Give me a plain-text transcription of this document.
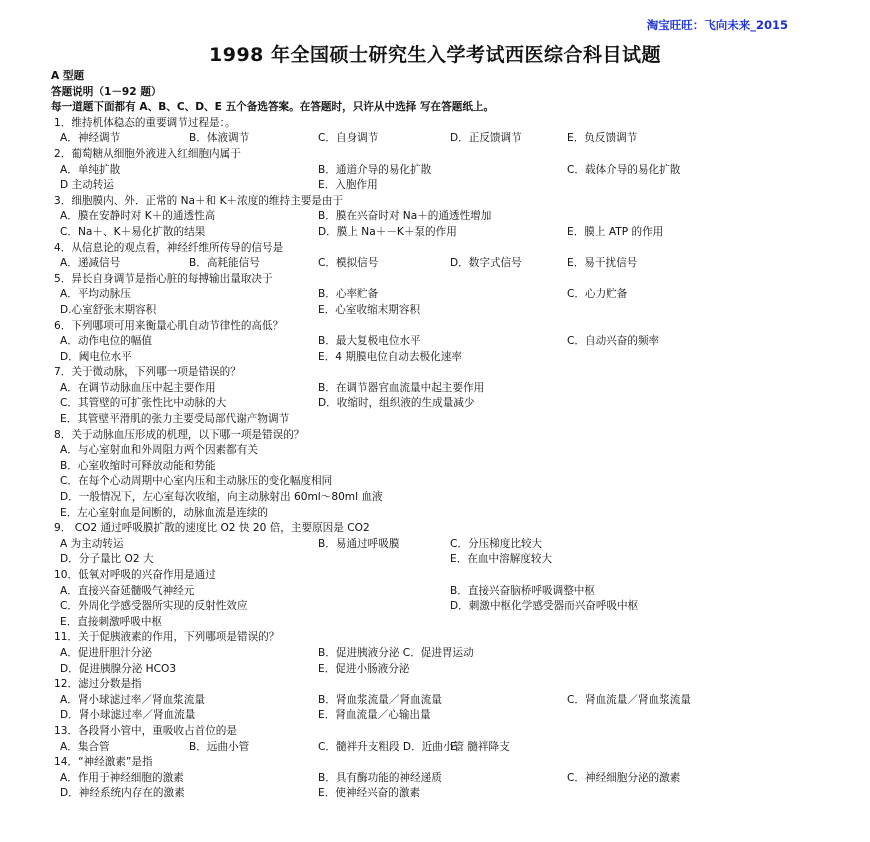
淘宝旺旺：飞向未来_2015
1998 年全国硕士研究生入学考试西医综合科目试题
A 型题
答题说明（1－92 题）
每一道题下面都有 A、B、C、D、E 五个备选答案。在答题时，只许从中选择 写在答题纸上。
1．维持机体稳态的重要调节过程是：。
A．神经调节	B．体液调节	C．自身调节	D．正反馈调节	E．负反馈调节
2．葡萄糖从细胞外液进入红细胞内属于
A．单纯扩散	B．通道介导的易化扩散	C．载体介导的易化扩散
D 主动转运	E．入胞作用
3．细胞膜内、外．正常的 Na＋和 K＋浓度的维持主要是由于
A．膜在安静时对 K＋的通透性高	B．膜在兴奋时对 Na＋的通透性增加
C．Na＋、K＋易化扩散的结果	D．膜上 Na＋－K＋泵的作用	E．膜上 ATP 的作用
4．从信息论的观点看，神经纤维所传导的信号是
A．递减信号	B．高耗能信号	C．模拟信号	D．数字式信号	E．易干扰信号
5．异长自身调节是指心脏的每搏输出量取决于
A．平均动脉压	B．心率贮备	C．心力贮备
D.心室舒张末期容积	E．心室收缩末期容积
6．下列哪项可用来衡量心肌自动节律性的高低？
A．动作电位的幅值	B．最大复极电位水平	C．自动兴奋的频率
D．阈电位水平	E．4 期膜电位自动去极化速率
7．关于微动脉，下列哪一项是错误的？
A．在调节动脉血压中起主要作用	B．在调节器官血流量中起主要作用
C．其管壁的可扩张性比中动脉的大	D．收缩时，组织液的生成量减少
E．其管壁平滑肌的张力主要受局部代谢产物调节
8．关于动脉血压形成的机理，以下哪一项是错误的？
A．与心室射血和外周阻力两个因素都有关
B．心室收缩时可释放动能和势能
C．在每个心动周期中心室内压和主动脉压的变化幅度相同
D．一般情况下，左心室每次收缩，向主动脉射出 60ml～80ml 血液
E．左心室射血是间断的，动脉血流是连续的
9． CO2 通过呼吸膜扩散的速度比 O2 快 20 倍，主要原因是 CO2
A 为主动转运	B．易通过呼吸膜	C．分压梯度比较大
D．分子量比 O2 大	E．在血中溶解度较大
10．低氧对呼吸的兴奋作用是通过
A．直接兴奋延髓吸气神经元	B．直接兴奋脑桥呼吸调整中枢
C．外周化学感受器所实现的反射性效应	D．刺激中枢化学感受器而兴奋呼吸中枢
E．直接刺激呼吸中枢
11．关于促胰液素的作用，下列哪项是错误的？
A．促进肝胆汁分泌	B．促进胰液分泌 C．促进胃运动
D．促进胰腺分泌 HCO3	E．促进小肠液分泌
12．滤过分数是指
A．肾小球滤过率／肾血浆流量	B．肾血浆流量／肾血流量	C．肾血流量／肾血浆流量
D．肾小球滤过率／肾血流量	E．肾血流量／心输出量
13．各段肾小管中，重吸收占首位的是
A．集合管	B．远曲小管	C．髓袢升支粗段 D．近曲小管
E．髓袢降支
14．“神经激素”是指
A．作用于神经细胞的激素	B．具有酶功能的神经递质	C．神经细胞分泌的激素
D．神经系统内存在的激素	E．使神经兴奋的激素
